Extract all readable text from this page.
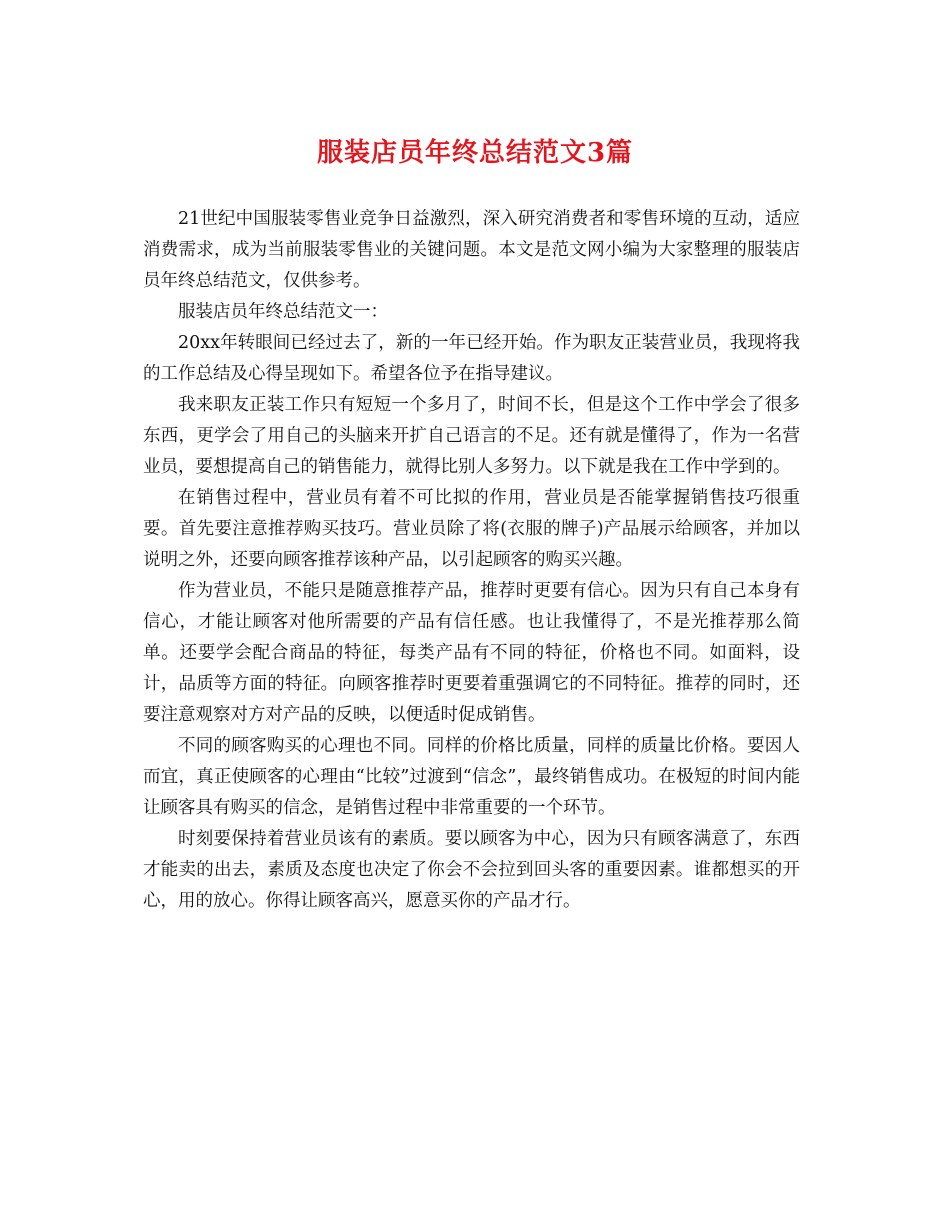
服装店员年终总结范文3篇

21世纪中国服装零售业竞争日益激烈，深入研究消费者和零售环境的互动，适应消费需求，成为当前服装零售业的关键问题。本文是范文网小编为大家整理的服装店员年终总结范文，仅供参考。

服装店员年终总结范文一：

20xx年转眼间已经过去了，新的一年已经开始。作为职友正装营业员，我现将我的工作总结及心得呈现如下。希望各位予在指导建议。

我来职友正装工作只有短短一个多月了，时间不长，但是这个工作中学会了很多东西，更学会了用自己的头脑来开扩自己语言的不足。还有就是懂得了，作为一名营业员，要想提高自己的销售能力，就得比别人多努力。以下就是我在工作中学到的。

在销售过程中，营业员有着不可比拟的作用，营业员是否能掌握销售技巧很重要。首先要注意推荐购买技巧。营业员除了将(衣服的牌子)产品展示给顾客，并加以说明之外，还要向顾客推荐该种产品，以引起顾客的购买兴趣。

作为营业员，不能只是随意推荐产品，推荐时更要有信心。因为只有自己本身有信心，才能让顾客对他所需要的产品有信任感。也让我懂得了，不是光推荐那么简单。还要学会配合商品的特征，每类产品有不同的特征，价格也不同。如面料，设计，品质等方面的特征。向顾客推荐时更要着重强调它的不同特征。推荐的同时，还要注意观察对方对产品的反映，以便适时促成销售。

不同的顾客购买的心理也不同。同样的价格比质量，同样的质量比价格。要因人而宜，真正使顾客的心理由“比较”过渡到“信念”，最终销售成功。在极短的时间内能让顾客具有购买的信念，是销售过程中非常重要的一个环节。

时刻要保持着营业员该有的素质。要以顾客为中心，因为只有顾客满意了，东西才能卖的出去，素质及态度也决定了你会不会拉到回头客的重要因素。谁都想买的开心，用的放心。你得让顾客高兴，愿意买你的产品才行。
